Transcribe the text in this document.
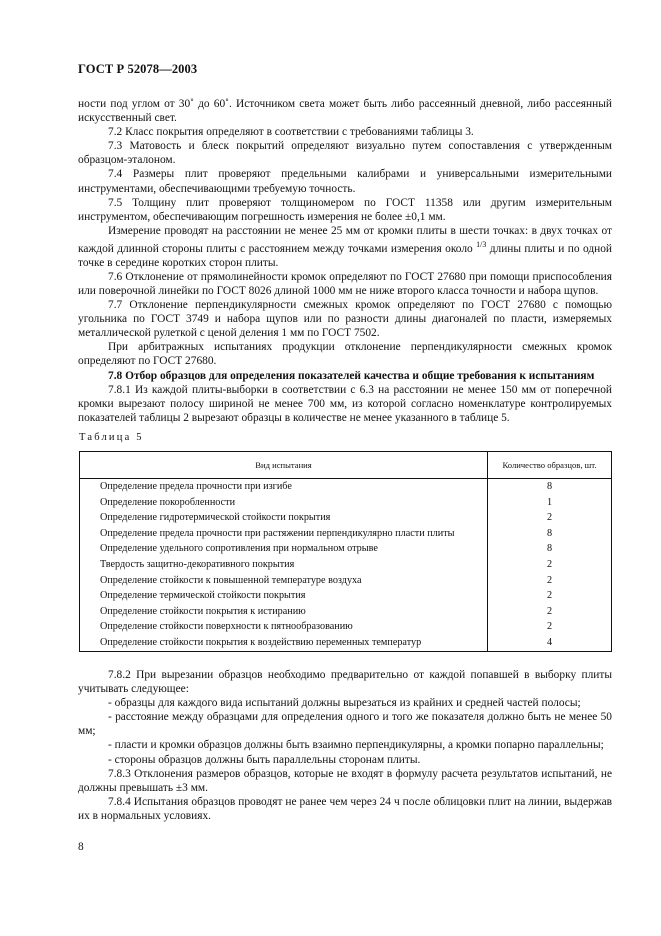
ГОСТ Р 52078—2003

ности под углом от 30˚ до 60˚. Источником света может быть либо рассеянный дневной, либо рассеянный искусственный свет.

7.2 Класс покрытия определяют в соответствии с требованиями таблицы 3.

7.3 Матовость и блеск покрытий определяют визуально путем сопоставления с утвержденным образцом-эталоном.

7.4 Размеры плит проверяют предельными калибрами и универсальными измерительными инструментами, обеспечивающими требуемую точность.

7.5 Толщину плит проверяют толщиномером по ГОСТ 11358 или другим измерительным инструментом, обеспечивающим погрешность измерения не более ±0,1 мм.

Измерение проводят на расстоянии не менее 25 мм от кромки плиты в шести точках: в двух точках от каждой длинной стороны плиты с расстоянием между точками измерения около $^{1/3}$ длины плиты и по одной точке в середине коротких сторон плиты.

7.6 Отклонение от прямолинейности кромок определяют по ГОСТ 27680 при помощи приспособления или поверочной линейки по ГОСТ 8026 длиной 1000 мм не ниже второго класса точности и набора щупов.

7.7 Отклонение перпендикулярности смежных кромок определяют по ГОСТ 27680 с помощью угольника по ГОСТ 3749 и набора щупов или по разности длины диагоналей по пласти, измеряемых металлической рулеткой с ценой деления 1 мм по ГОСТ 7502.

При арбитражных испытаниях продукции отклонение перпендикулярности смежных кромок определяют по ГОСТ 27680.

7.8 Отбор образцов для определения показателей качества и общие требования к испытаниям

7.8.1 Из каждой плиты-выборки в соответствии с 6.3 на расстоянии не менее 150 мм от поперечной кромки вырезают полосу шириной не менее 700 мм, из которой согласно номенклатуре контролируемых показателей таблицы 2 вырезают образцы в количестве не менее указанного в таблице 5.

Таблица 5
Вид испытания	Количество образцов, шт.
Определение предела прочности при изгибе	8
Определение покоробленности	1
Определение гидротермической стойкости покрытия	2
Определение предела прочности при растяжении перпендикулярно пласти плиты	8
Определение удельного сопротивления при нормальном отрыве	8
Твердость защитно-декоративного покрытия	2
Определение стойкости к повышенной температуре воздуха	2
Определение термической стойкости покрытия	2
Определение стойкости покрытия к истиранию	2
Определение стойкости поверхности к пятнообразованию	2
Определение стойкости покрытия к воздействию переменных температур	4

7.8.2 При вырезании образцов необходимо предварительно от каждой попавшей в выборку плиты учитывать следующее:

- образцы для каждого вида испытаний должны вырезаться из крайних и средней частей полосы;

- расстояние между образцами для определения одного и того же показателя должно быть не менее 50 мм;

- пласти и кромки образцов должны быть взаимно перпендикулярны, а кромки попарно параллельны;

- стороны образцов должны быть параллельны сторонам плиты.

7.8.3 Отклонения размеров образцов, которые не входят в формулу расчета результатов испытаний, не должны превышать ±3 мм.

7.8.4 Испытания образцов проводят не ранее чем через 24 ч после облицовки плит на линии, выдержав их в нормальных условиях.

8
